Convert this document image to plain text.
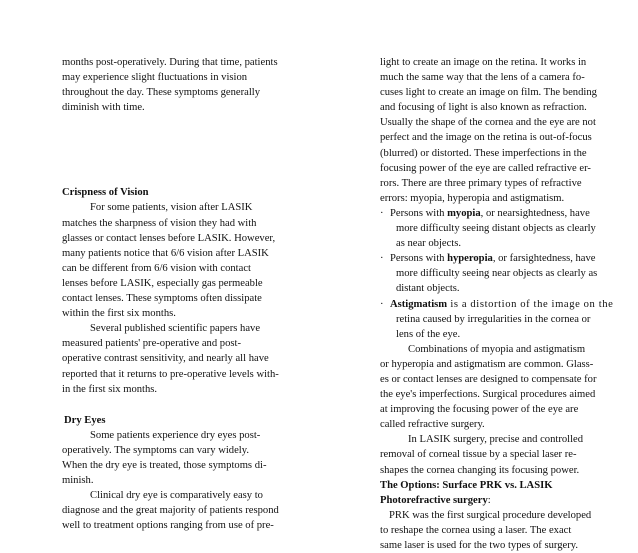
months post-operatively. During that time, patients
may experience slight fluctuations in vision
throughout the day. These symptoms generally
diminish with time.
Crispness of Vision
For some patients, vision after LASIK
matches the sharpness of vision they had with
glasses or contact lenses before LASIK. However,
many patients notice that 6/6 vision after LASIK
can be different from 6/6 vision with contact
lenses before LASIK, especially gas permeable
contact lenses. These symptoms often dissipate
within the first six months.
Several published scientific papers have
measured patients' pre-operative and post-
operative contrast sensitivity, and nearly all have
reported that it returns to pre-operative levels with-
in the first six months.
Dry Eyes
Some patients experience dry eyes post-
operatively. The symptoms can vary widely.
When the dry eye is treated, those symptoms di-
minish.
Clinical dry eye is comparatively easy to
diagnose and the great majority of patients respond
well to treatment options ranging from use of pre-
light to create an image on the retina. It works in
much the same way that the lens of a camera fo-
cuses light to create an image on film. The bending
and focusing of light is also known as refraction.
Usually the shape of the cornea and the eye are not
perfect and the image on the retina is out-of-focus
(blurred) or distorted. These imperfections in the
focusing power of the eye are called refractive er-
rors. There are three primary types of refractive
errors: myopia, hyperopia and astigmatism.
· Persons with myopia, or nearsightedness, have
more difficulty seeing distant objects as clearly
as near objects.
· Persons with hyperopia, or farsightedness, have
more difficulty seeing near objects as clearly as
distant objects.
· Astigmatism is a distortion of the image on the
retina caused by irregularities in the cornea or
lens of the eye.
Combinations of myopia and astigmatism
or hyperopia and astigmatism are common. Glass-
es or contact lenses are designed to compensate for
the eye's imperfections. Surgical procedures aimed
at improving the focusing power of the eye are
called refractive surgery.
In LASIK surgery, precise and controlled
removal of corneal tissue by a special laser re-
shapes the cornea changing its focusing power.
The Options: Surface PRK vs. LASIK
Photorefractive surgery:
PRK was the first surgical procedure developed
to reshape the cornea using a laser. The exact
same laser is used for the two types of surgery.
